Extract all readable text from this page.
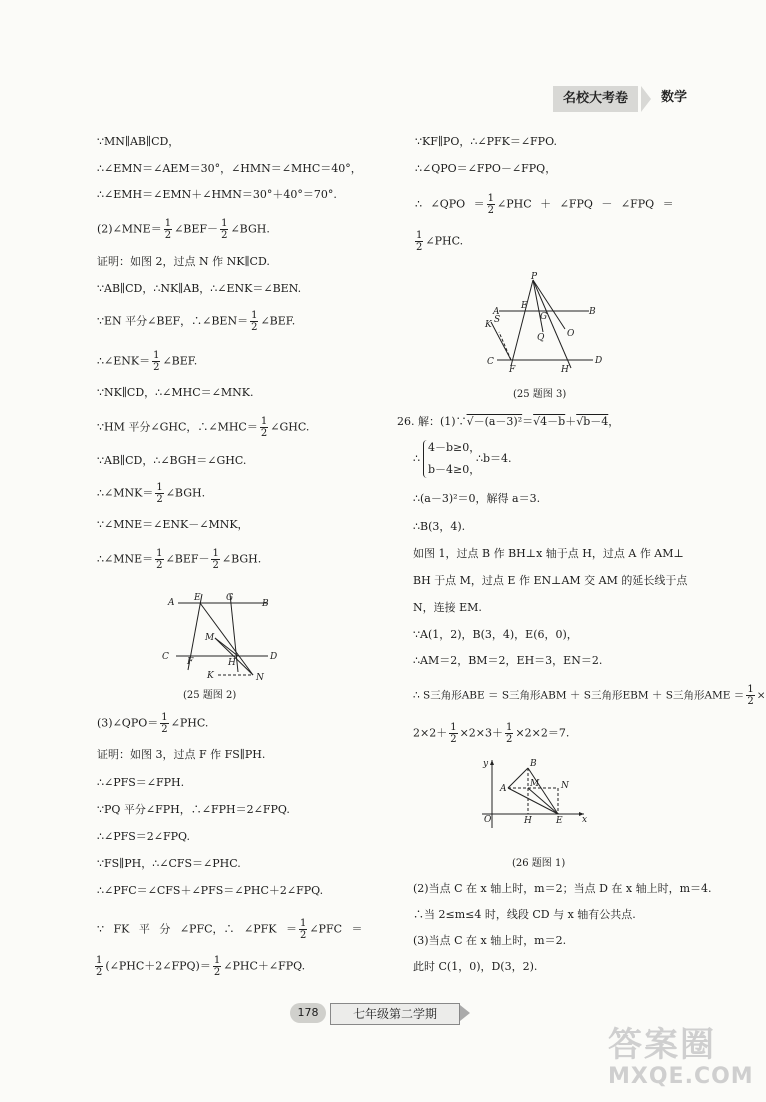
名校大考卷	数学
∵MN∥AB∥CD，
∴∠EMN＝∠AEM＝30°，∠HMN＝∠MHC＝40°，
∴∠EMH＝∠EMN＋∠HMN＝30°＋40°＝70°.
(2)∠MNE＝ $\frac{1}{2}$ ∠BEF－ $\frac{1}{2}$ ∠BGH.
证明：如图 2，过点 N 作 NK∥CD.
∵AB∥CD，∴NK∥AB，∴∠ENK＝∠BEN.
∵EN 平分∠BEF，∴∠BEN＝ $\frac{1}{2}$ ∠BEF.
∴∠ENK＝ $\frac{1}{2}$ ∠BEF.
∵NK∥CD，∴∠MHC＝∠MNK.
∵HM 平分∠GHC，∴∠MHC＝ $\frac{1}{2}$ ∠GHC.
∵AB∥CD，∴∠BGH＝∠GHC.
∴∠MNK＝ $\frac{1}{2}$ ∠BGH.
∵∠MNE＝∠ENK－∠MNK，
∴∠MNE＝ $\frac{1}{2}$ ∠BEF－ $\frac{1}{2}$ ∠BGH.
A E	G
B
M
C F	H
D
K	N
(25 题图 2)
(3)∠QPO＝ $\frac{1}{2}$ ∠PHC.
证明：如图 3，过点 F 作 FS∥PH.
∴∠PFS＝∠FPH.
∵PQ 平分∠FPH，∴∠FPH＝2∠FPQ.
∴∠PFS＝2∠FPQ.
∵FS∥PH，∴∠CFS＝∠PHC.
∴∠PFC＝∠CFS＋∠PFS＝∠PHC＋2∠FPQ.
∵ FK 平 分 ∠PFC，∴ ∠PFK ＝ $\frac{1}{2}$ ∠PFC ＝
$\frac{1}{2}$ (∠PHC＋2∠FPQ)＝ $\frac{1}{2}$ ∠PHC＋∠FPQ.
∵KF∥PO，∴∠PFK＝∠FPO.
∴∠QPO＝∠FPO－∠FPQ，
∴ ∠QPO ＝ $\frac{1}{2}$ ∠PHC ＋ ∠FPQ － ∠FPQ ＝
$\frac{1}{2}$ ∠PHC.
P
A
E
G	B
K S
O
Q
C
F	H
D
(25 题图 3)
26. 解：(1)∵√－(a－3)²＝√4－b＋√b－4，
∴
4－b≥0，
b－4≥0，
∴b＝4.
∴(a－3)²＝0，解得 a＝3.
∴B(3，4).
如图 1，过点 B 作 BH⊥x 轴于点 H，过点 A 作 AM⊥
BH 于点 M，过点 E 作 EN⊥AM 交 AM 的延长线于点
N，连接 EM.
∵A(1，2)，B(3，4)，E(6，0)，
∴AM＝2，BM＝2，EH＝3，EN＝2.
∴ S三角形ABE ＝ S三角形ABM ＋ S三角形EBM ＋ S三角形AME ＝ $\frac{1}{2}$ ×
$2\times 2+ \frac{1}{2} \times 2\times 3+ \frac{1}{2} \times 2\times 2=7$.
y
x
O
A
B
M N
H	E
(26 题图 1)
(2)当点 C 在 x 轴上时，m＝2；当点 D 在 x 轴上时，m＝4.
∴当 2≤m≤4 时，线段 CD 与 x 轴有公共点.
(3)当点 C 在 x 轴上时，m＝2.
此时 C(1，0)，D(3，2).
178	七年级第二学期
答案圈
MXQE.COM
